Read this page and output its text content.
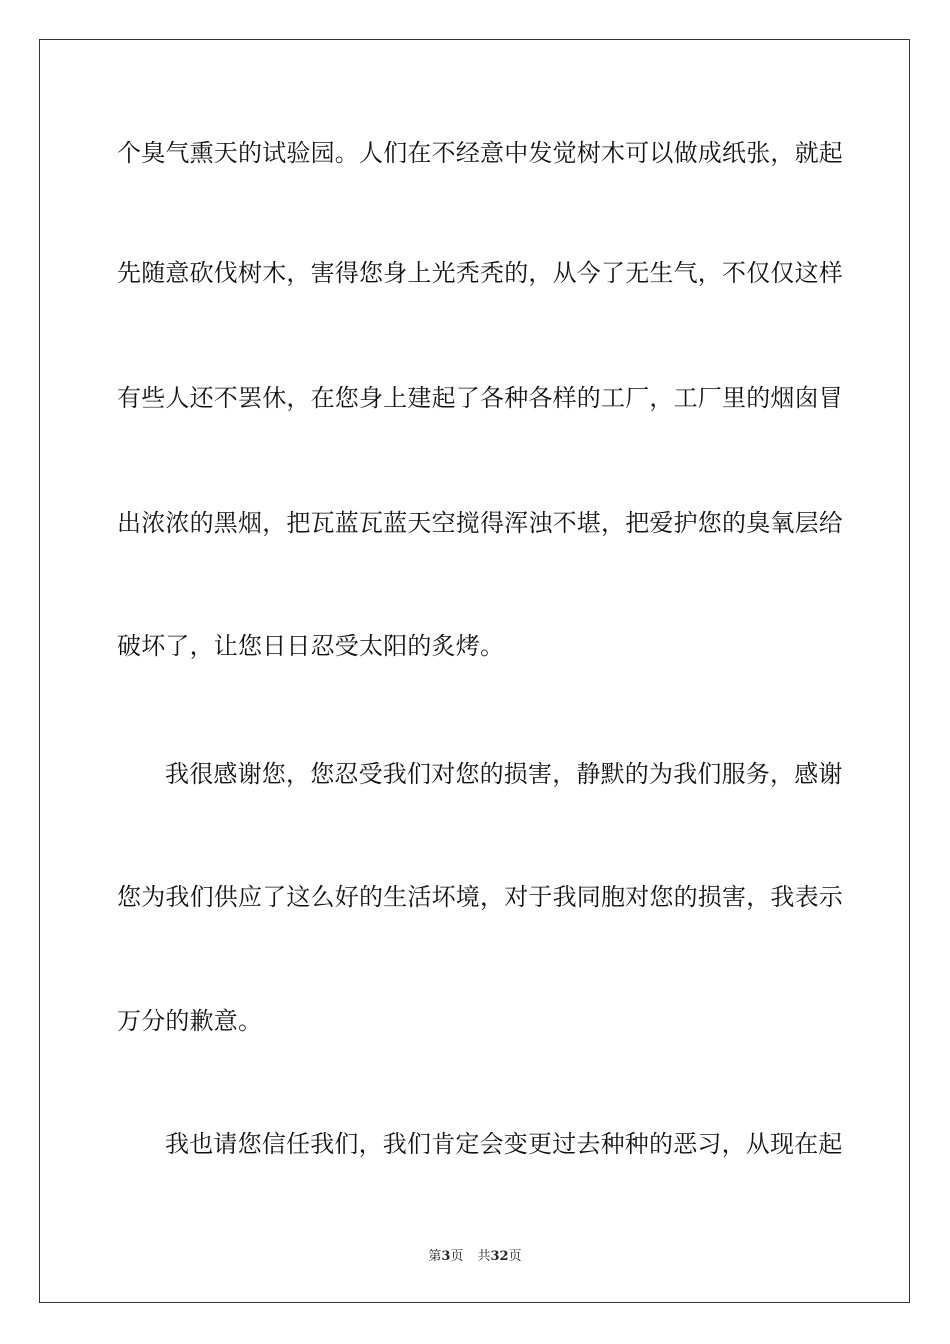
个臭气熏天的试验园。人们在不经意中发觉树木可以做成纸张，就起
先随意砍伐树木，害得您身上光秃秃的，从今了无生气，不仅仅这样
有些人还不罢休，在您身上建起了各种各样的工厂，工厂里的烟囱冒
出浓浓的黑烟，把瓦蓝瓦蓝天空搅得浑浊不堪，把爱护您的臭氧层给
破坏了，让您日日忍受太阳的炙烤。
我很感谢您，您忍受我们对您的损害，静默的为我们服务，感谢
您为我们供应了这么好的生活坏境，对于我同胞对您的损害，我表示
万分的歉意。
我也请您信任我们，我们肯定会变更过去种种的恶习，从现在起
第3页 共32页
